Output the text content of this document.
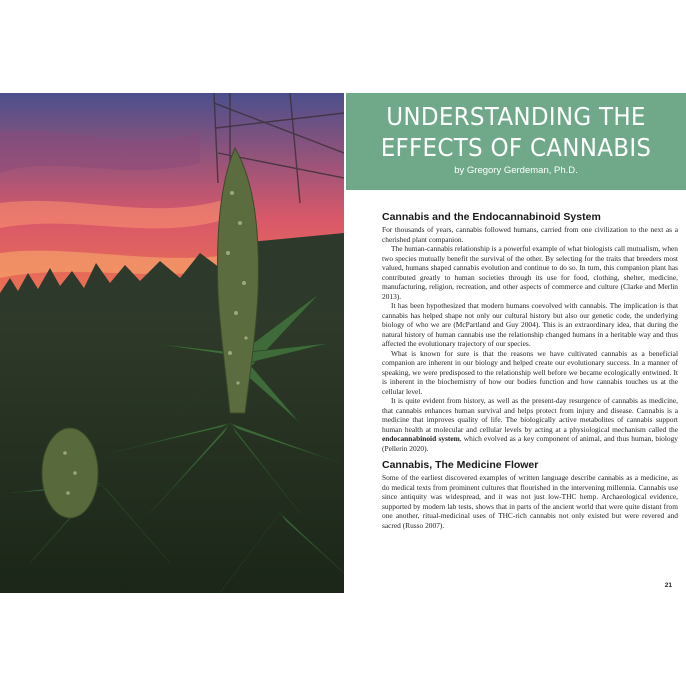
UNDERSTANDING THE
EFFECTS OF CANNABIS
by Gregory Gerdeman, Ph.D.
Cannabis and the Endocannabinoid System

For thousands of years, cannabis followed humans, carried from one civilization to the next as a cherished plant companion.

The human-cannabis relationship is a powerful example of what biologists call mutualism, when two species mutually benefit the survival of the other. By selecting for the traits that breeders most valued, humans shaped cannabis evolution and continue to do so. In turn, this companion plant has contributed greatly to human societies through its use for food, clothing, shelter, medicine, manufacturing, religion, recreation, and other aspects of commerce and culture (Clarke and Merlin 2013).

It has been hypothesized that modern humans coevolved with cannabis. The implication is that cannabis has helped shape not only our cultural history but also our genetic code, the underlying biology of who we are (McPartland and Guy 2004). This is an extraordinary idea, that during the natural history of human cannabis use the relationship changed humans in a heritable way and thus affected the evolutionary trajectory of our species.

What is known for sure is that the reasons we have cultivated cannabis as a beneficial companion are inherent in our biology and helped create our evolutionary success. In a manner of speaking, we were predisposed to the relationship well before we became ecologically entwined. It is inherent in the biochemistry of how our bodies function and how cannabis touches us at the cellular level.

It is quite evident from history, as well as the present-day resurgence of cannabis as medicine, that cannabis enhances human survival and helps protect from injury and disease. Cannabis is a medicine that improves quality of life. The biologically active metabolites of cannabis support human health at molecular and cellular levels by acting at a physiological mechanism called the endocannabinoid system, which evolved as a key component of animal, and thus human, biology (Pellerin 2020).

Cannabis, The Medicine Flower

Some of the earliest discovered examples of written language describe cannabis as a medicine, as do medical texts from prominent cultures that flourished in the intervening millennia. Cannabis use since antiquity was widespread, and it was not just low-THC hemp. Archaeological evidence, supported by modern lab tests, shows that in parts of the ancient world that were quite distant from one another, ritual-medicinal uses of THC-rich cannabis not only existed but were revered and sacred (Russo 2007).

21
